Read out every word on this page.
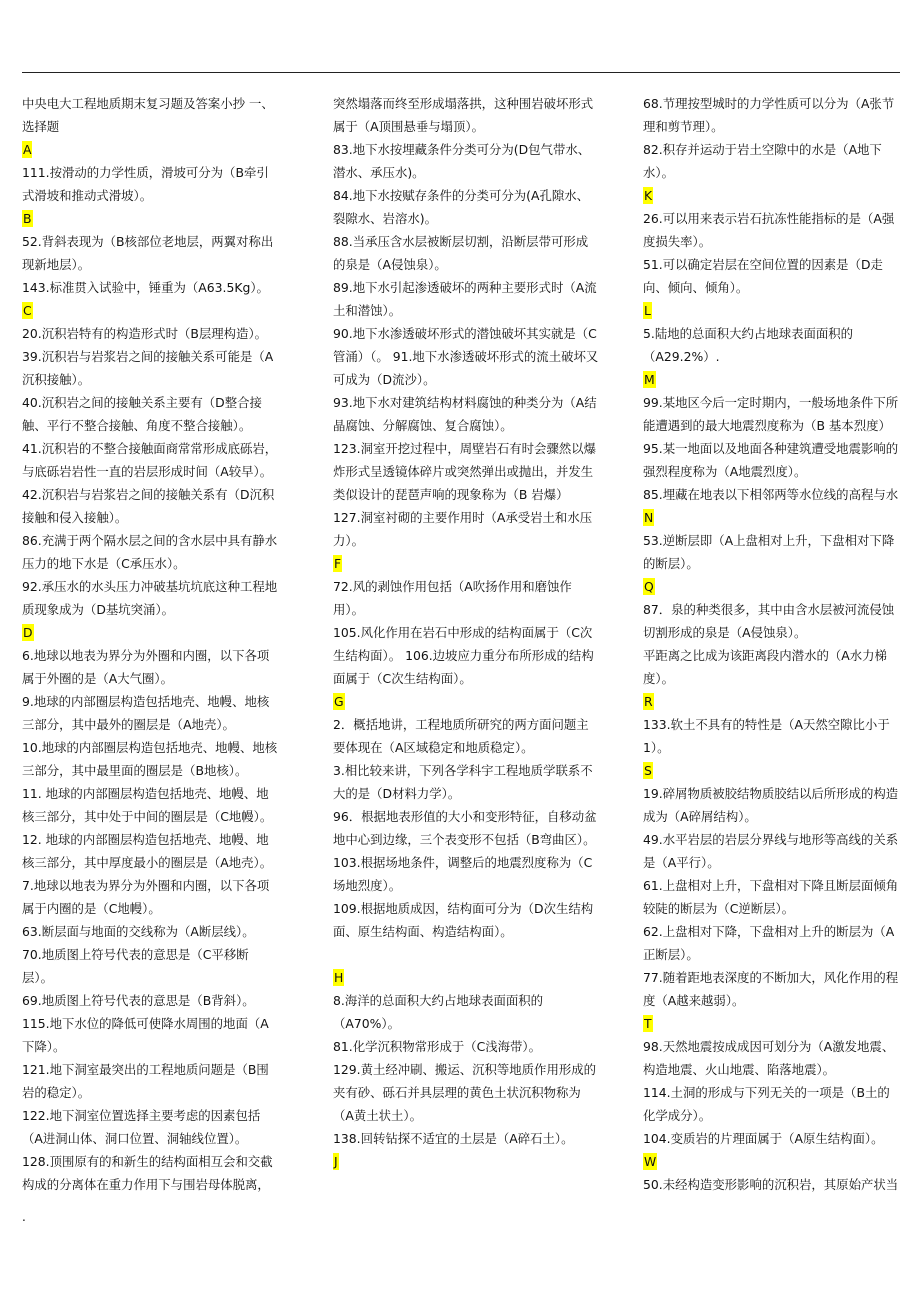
中央电大工程地质期末复习题及答案小抄 一、选择题
A
111.按滑动的力学性质，滑坡可分为（B牵引式滑坡和推动式滑坡）。
B
52.背斜表现为（B核部位老地层，两翼对称出现新地层）。
143.标准贯入试验中，锤重为（A63.5Kg）。
C
20.沉积岩特有的构造形式时（B层理构造）。
39.沉积岩与岩浆岩之间的接触关系可能是（A沉积接触）。
40.沉积岩之间的接触关系主要有（D整合接触、平行不整合接触、角度不整合接触）。
41.沉积岩的不整合接触面商常常形成底砾岩，与底砾岩岩性一直的岩层形成时间（A较早）。
42.沉积岩与岩浆岩之间的接触关系有（D沉积接触和侵入接触）。
86.充满于两个隔水层之间的含水层中具有静水压力的地下水是（C承压水）。
92.承压水的水头压力冲破基坑坑底这种工程地质现象成为（D基坑突涌）。
D
6.地球以地表为界分为外圈和内圈，以下各项属于外圈的是（A大气圈）。
9.地球的内部圈层构造包括地壳、地幔、地核三部分，其中最外的圈层是（A地壳）。
10.地球的内部圈层构造包括地壳、地幔、地核三部分，其中最里面的圈层是（B地核）。
11. 地球的内部圈层构造包括地壳、地幔、地核三部分，其中处于中间的圈层是（C地幔）。
12. 地球的内部圈层构造包括地壳、地幔、地核三部分，其中厚度最小的圈层是（A地壳）。
7.地球以地表为界分为外圈和内圈，以下各项属于内圈的是（C地幔）。
63.断层面与地面的交线称为（A断层线）。
70.地质图上符号代表的意思是（C平移断层）。
69.地质图上符号代表的意思是（B背斜）。
115.地下水位的降低可使降水周围的地面（A下降）。
121.地下洞室最突出的工程地质问题是（B围岩的稳定）。
122.地下洞室位置选择主要考虑的因素包括（A进洞山体、洞口位置、洞轴线位置）。
128.顶围原有的和新生的结构面相互会和交截构成的分离体在重力作用下与围岩母体脱离，
突然塌落而终至形成塌落拱，这种围岩破坏形式属于（A顶围悬垂与塌顶）。
83.地下水按埋藏条件分类可分为(D包气带水、潜水、承压水)。
84.地下水按赋存条件的分类可分为(A孔隙水、裂隙水、岩溶水)。
88.当承压含水层被断层切割，沿断层带可形成的泉是（A侵蚀泉）。
89.地下水引起渗透破坏的两种主要形式时（A流土和潜蚀）。
90.地下水渗透破坏形式的潜蚀破坏其实就是（C管涌）（。 91.地下水渗透破坏形式的流土破坏又可成为（D流沙）。
93.地下水对建筑结构材料腐蚀的种类分为（A结晶腐蚀、分解腐蚀、复合腐蚀）。
123.洞室开挖过程中，周壁岩石有时会骤然以爆炸形式呈透镜体碎片或突然弹出或抛出，并发生类似设计的琵琶声响的现象称为（B 岩爆）
127.洞室衬砌的主要作用时（A承受岩土和水压力）。
F
72.风的剥蚀作用包括（A吹扬作用和磨蚀作用）。
105.风化作用在岩石中形成的结构面属于（C次生结构面）。 106.边坡应力重分布所形成的结构面属于（C次生结构面）。
G
2．概括地讲，工程地质所研究的两方面问题主要体现在（A区域稳定和地质稳定）。
3.相比较来讲，下列各学科宇工程地质学联系不大的是（D材料力学）。
96．根据地表形值的大小和变形特征，自移动盆地中心到边缘，三个表变形不包括（B弯曲区）。
103.根据场地条件，调整后的地震烈度称为（C场地烈度）。
109.根据地质成因，结构面可分为（D次生结构面、原生结构面、构造结构面）。
H
8.海洋的总面积大约占地球表面面积的（A70%）。
81.化学沉积物常形成于（C浅海带）。
129.黄土经冲刷、搬运、沉积等地质作用形成的夹有砂、砾石并具层理的黄色土状沉积物称为（A黄土状土）。
138.回转钻探不适宜的土层是（A碎石土）。
J
68.节理按型城时的力学性质可以分为（A张节理和剪节理）。
82.积存并运动于岩土空隙中的水是（A地下水）。
K
26.可以用来表示岩石抗冻性能指标的是（A强度损失率）。
51.可以确定岩层在空间位置的因素是（D走向、倾向、倾角）。
L
5.陆地的总面积大约占地球表面面积的（A29.2%）.
M
99.某地区今后一定时期内，一般场地条件下所能遭遇到的最大地震烈度称为（B 基本烈度）
95.某一地面以及地面各种建筑遭受地震影响的强烈程度称为（A地震烈度）。
85.埋藏在地表以下相邻两等水位线的高程与水
N
53.逆断层即（A上盘相对上升，下盘相对下降的断层）。
Q
87．泉的种类很多，其中由含水层被河流侵蚀切割形成的泉是（A侵蚀泉）。
平距离之比成为该距离段内潜水的（A水力梯度）。
R
133.软土不具有的特性是（A天然空隙比小于1）。
S
19.碎屑物质被胶结物质胶结以后所形成的构造成为（A碎屑结构）。
49.水平岩层的岩层分界线与地形等高线的关系是（A平行）。
61.上盘相对上升，下盘相对下降且断层面倾角较陡的断层为（C逆断层）。
62.上盘相对下降，下盘相对上升的断层为（A正断层）。
77.随着距地表深度的不断加大，风化作用的程度（A越来越弱）。
T
98.天然地震按成成因可划分为（A激发地震、构造地震、火山地震、陷落地震）。
114.土洞的形成与下列无关的一项是（B土的化学成分）。
104.变质岩的片理面属于（A原生结构面）。
W
50.未经构造变形影响的沉积岩，其原始产状当
.
